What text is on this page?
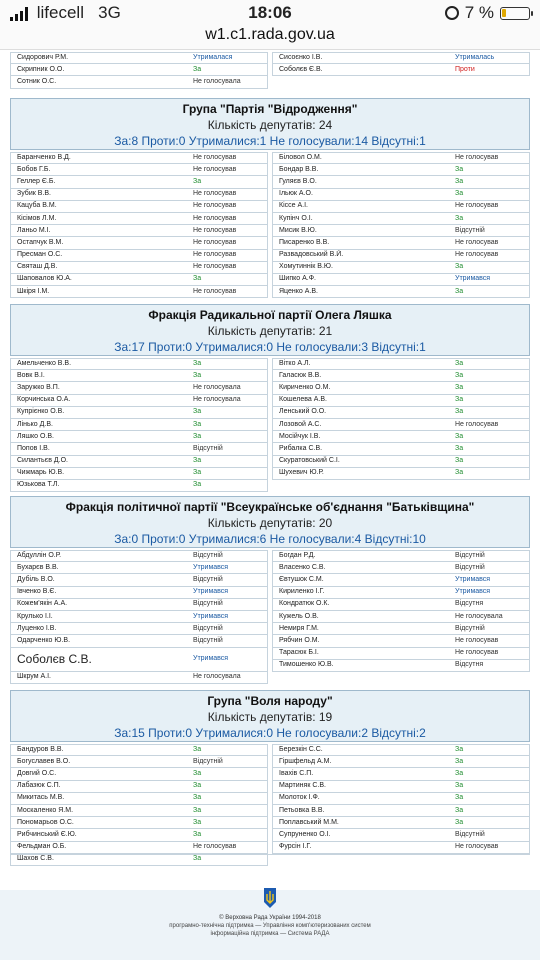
lifecell 3G	18:06	7 %
w1.c1.rada.gov.ua
Сидорович Р.М.	Утрималася
Скрипник О.О.	За
Сотник О.С.	Не голосувала
Сисоєнко І.В.	Утрималась
Соболєв Є.В.	Проти
Група "Партія "Відродження"
Кількість депутатів: 24
За:8 Проти:0 Утрималися:1 Не голосували:14 Відсутні:1
Баранченко В.Д.	Не голосував
Бобов Г.Б.	Не голосував
Геллер Є.Б.	За
Зубик В.В.	Не голосував
Кацуба В.М.	Не голосував
Кісімов Л.М.	Не голосував
Ланьо М.І.	Не голосував
Остапчук В.М.	Не голосував
Пресман О.С.	Не голосував
Святаш Д.В.	Не голосував
Шаповалов Ю.А.	За
Шкіря І.М.	Не голосував
Біловол О.М.	Не голосував
Бондар В.В.	За
Гуляєв В.О.	За
Ільюк А.О.	За
Кіссе А.І.	Не голосував
Купінч О.І.	За
Мисик В.Ю.	Відсутній
Писаренко В.В.	Не голосував
Развадовський В.Й.	Не голосував
Хомутиннік В.Ю.	За
Шипко А.Ф.	Утримався
Яценко А.В.	За
Фракція Радикальної партії Олега Ляшка
Кількість депутатів: 21
За:17 Проти:0 Утрималися:0 Не голосували:3 Відсутні:1
Амельченко В.В.	За
Вовк В.І.	За
Заружко В.П.	Не голосувала
Корчинська О.А.	Не голосувала
Купрієнко О.В.	За
Лінько Д.В.	За
Ляшко О.В.	За
Попов І.В.	Відсутній
Силантьєв Д.О.	За
Чижмарь Ю.В.	За
Юзькова Т.Л.	За
Вітко А.Л.	За
Галасюк В.В.	За
Кириченко О.М.	За
Кошелева А.В.	За
Ленський О.О.	За
Лозовой А.С.	Не голосував
Мосійчук І.В.	За
Рибалка С.В.	За
Скуратовський С.І.	За
Шухевич Ю.Р.	За
Фракція політичної партії "Всеукраїнське об'єднання "Батьківщина"
Кількість депутатів: 20
За:0 Проти:0 Утрималися:6 Не голосували:4 Відсутні:10
Абдуллін О.Р.	Відсутній
Бухарєв В.В.	Утримався
Дубіль В.О.	Відсутній
Івченко В.Є.	Утримався
Кожем'якін А.А.	Відсутній
Крулько І.І.	Утримався
Луценко І.В.	Відсутній
Одарченко Ю.В.	Відсутній
Соболєв С.В.	Утримався
Шкрум А.І.	Не голосувала
Богдан Р.Д.	Відсутній
Власенко С.В.	Відсутній
Євтушок С.М.	Утримався
Кириленко І.Г.	Утримався
Кондратюк О.К.	Відсутня
Кужель О.В.	Не голосувала
Немиря Г.М.	Відсутній
Рябчин О.М.	Не голосував
Тарасюк Б.І.	Не голосував
Тимошенко Ю.В.	Відсутня
Група "Воля народу"
Кількість депутатів: 19
За:15 Проти:0 Утрималися:0 Не голосували:2 Відсутні:2
Бандуров В.В.	За
Богуславев В.О.	Відсутній
Довгий О.С.	За
Лабазюк С.П.	За
Микитась М.В.	За
Москаленко Я.М.	За
Пономарьов О.С.	За
Рибчинський Є.Ю.	За
Фельдман О.Б.	Не голосував
Шахов С.В.	За
Березкін С.С.	За
Гіршфельд А.М.	За
Івахів С.П.	За
Мартиняк С.В.	За
Молоток І.Ф.	За
Петьовка В.В.	За
Поплавський М.М.	За
Супруненко О.І.	Відсутній
Фурсін І.Г.	Не голосував
© Верховна Рада України 1994-2018
програмно-технічна підтримка — Управління комп'ютеризованих систем
інформаційна підтримка — Система РАДА
